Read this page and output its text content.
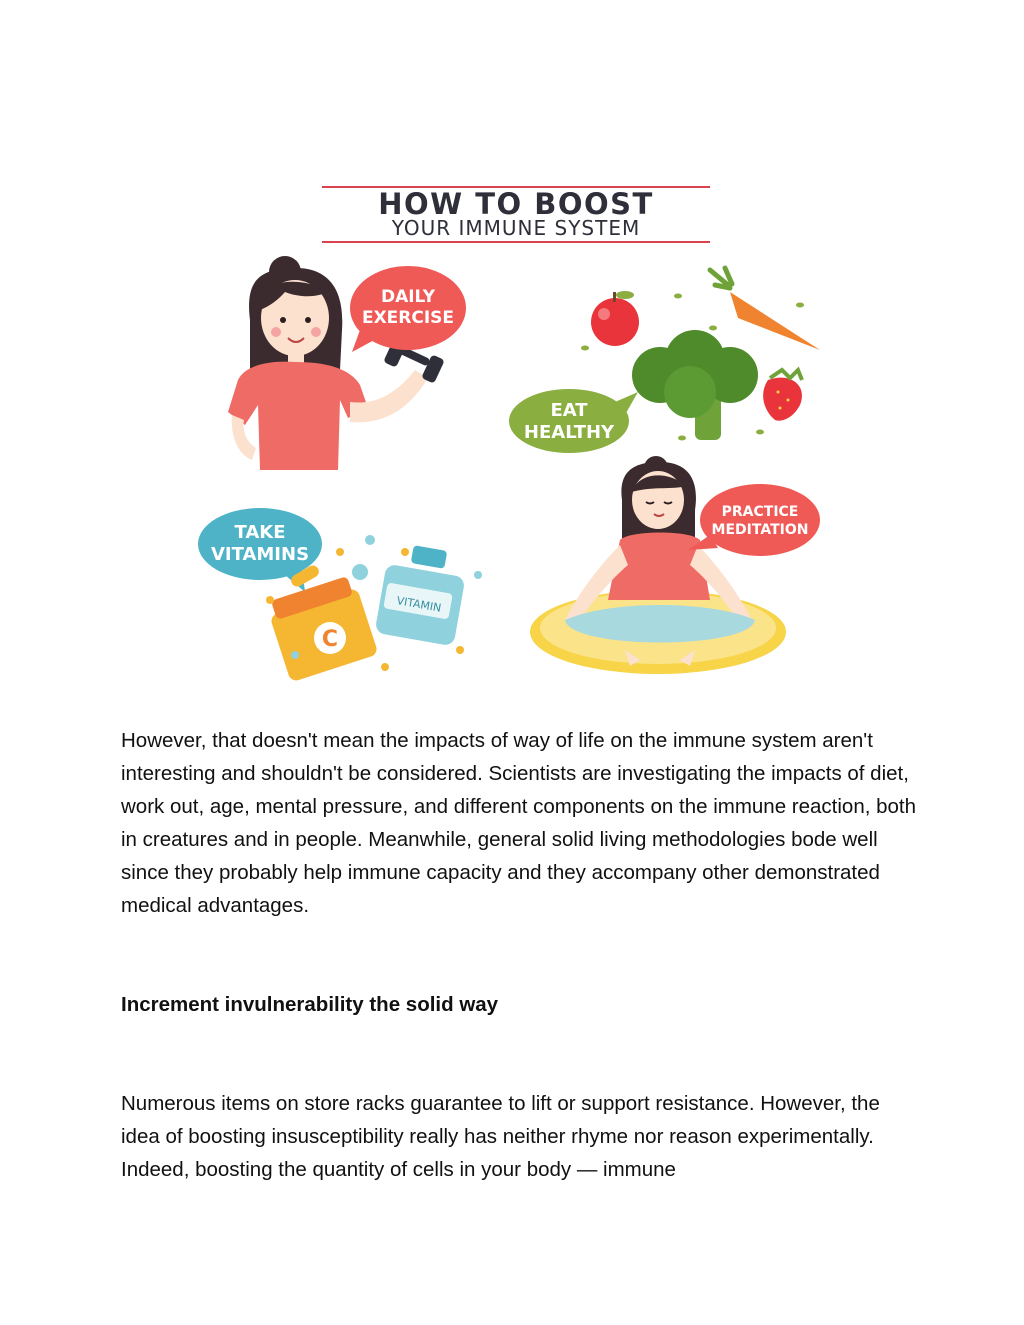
HOW TO BOOST
YOUR IMMUNE SYSTEM
DAILY
EXERCISE
EAT
HEALTHY
TAKE
VITAMINS
C
VITAMIN
PRACTICE
MEDITATION

However, that doesn't mean the impacts of way of life on the immune system aren't interesting and shouldn't be considered. Scientists are investigating the impacts of diet, work out, age, mental pressure, and different components on the immune reaction, both in creatures and in people. Meanwhile, general solid living methodologies bode well since they probably help immune capacity and they accompany other demonstrated medical advantages.

Increment invulnerability the solid way

Numerous items on store racks guarantee to lift or support resistance. However, the idea of boosting insusceptibility really has neither rhyme nor reason experimentally. Indeed, boosting the quantity of cells in your body — immune
